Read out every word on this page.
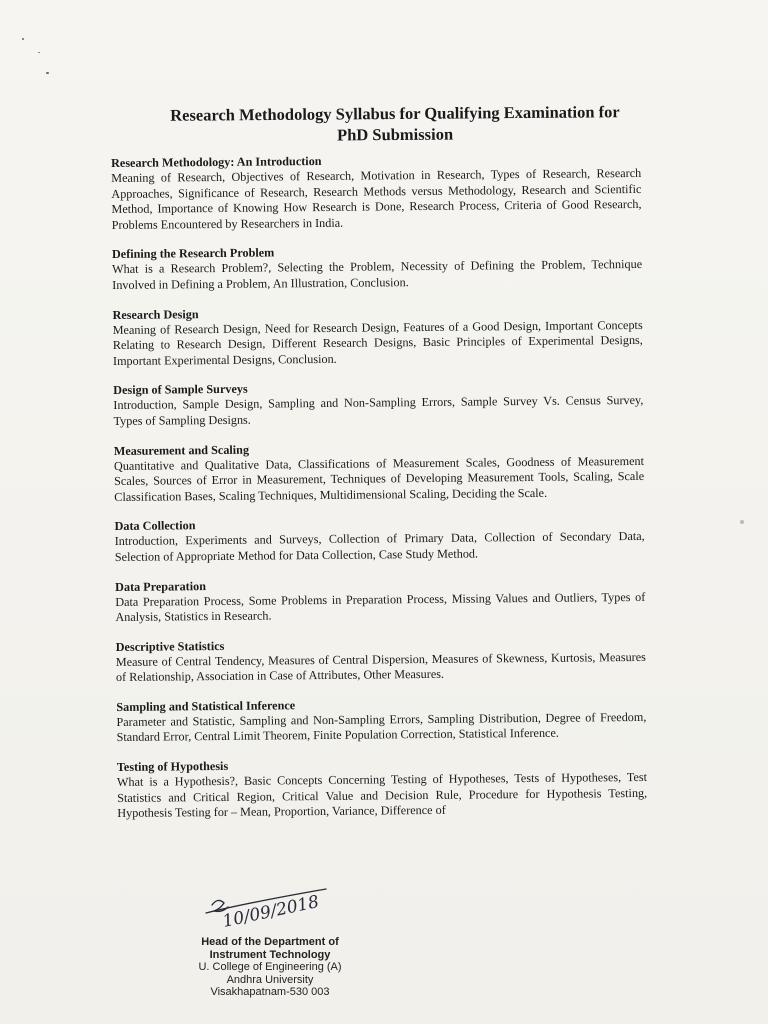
Research Methodology Syllabus for Qualifying Examination for
PhD Submission
Research Methodology: An Introduction

Meaning of Research, Objectives of Research, Motivation in Research, Types of Research, Research Approaches, Significance of Research, Research Methods versus Methodology, Research and Scientific Method, Importance of Knowing How Research is Done, Research Process, Criteria of Good Research, Problems Encountered by Researchers in India.

Defining the Research Problem

What is a Research Problem?, Selecting the Problem, Necessity of Defining the Problem, Technique Involved in Defining a Problem, An Illustration, Conclusion.

Research Design

Meaning of Research Design, Need for Research Design, Features of a Good Design, Important Concepts Relating to Research Design, Different Research Designs, Basic Principles of Experimental Designs, Important Experimental Designs, Conclusion.

Design of Sample Surveys

Introduction, Sample Design, Sampling and Non-Sampling Errors, Sample Survey Vs. Census Survey, Types of Sampling Designs.

Measurement and Scaling

Quantitative and Qualitative Data, Classifications of Measurement Scales, Goodness of Measurement Scales, Sources of Error in Measurement, Techniques of Developing Measurement Tools, Scaling, Scale Classification Bases, Scaling Techniques, Multidimensional Scaling, Deciding the Scale.

Data Collection

Introduction, Experiments and Surveys, Collection of Primary Data, Collection of Secondary Data, Selection of Appropriate Method for Data Collection, Case Study Method.

Data Preparation

Data Preparation Process, Some Problems in Preparation Process, Missing Values and Outliers, Types of Analysis, Statistics in Research.

Descriptive Statistics

Measure of Central Tendency, Measures of Central Dispersion, Measures of Skewness, Kurtosis, Measures of Relationship, Association in Case of Attributes, Other Measures.

Sampling and Statistical Inference

Parameter and Statistic, Sampling and Non-Sampling Errors, Sampling Distribution, Degree of Freedom, Standard Error, Central Limit Theorem, Finite Population Correction, Statistical Inference.

Testing of Hypothesis

What is a Hypothesis?, Basic Concepts Concerning Testing of Hypotheses, Tests of Hypotheses, Test Statistics and Critical Region, Critical Value and Decision Rule, Procedure for Hypothesis Testing, Hypothesis Testing for – Mean, Proportion, Variance, Difference of

10/09/2018
Head of the Department of
Instrument Technology
U. College of Engineering (A)
Andhra University
Visakhapatnam-530 003
